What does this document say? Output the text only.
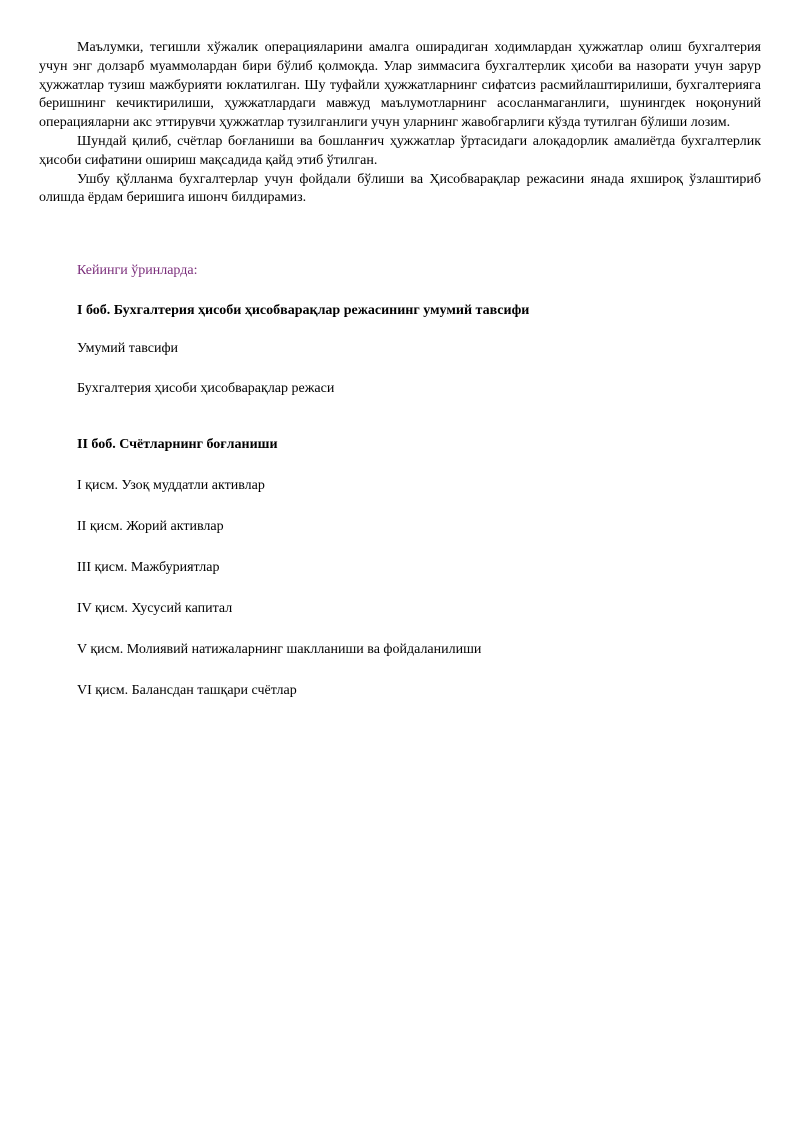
Маълумки, тегишли хўжалик операцияларини амалга оширадиган ходимлардан ҳужжатлар олиш бухгалтерия учун энг долзарб муаммолардан бири бўлиб қолмоқда. Улар зиммасига бухгалтерлик ҳисоби ва назорати учун зарур ҳужжатлар тузиш мажбурияти юклатилган. Шу туфайли ҳужжатларнинг сифатсиз расмийлаштирилиши, бухгалтерияга беришнинг кечиктирилиши, ҳужжатлардаги мавжуд маълумотларнинг асосланмаганлиги, шунингдек ноқонуний операцияларни акс эттирувчи ҳужжатлар тузилганлиги учун уларнинг жавобгарлиги кўзда тутилган бўлиши лозим.

Шундай қилиб, счётлар боғланиши ва бошланғич ҳужжатлар ўртасидаги алоқадорлик амалиётда бухгалтерлик ҳисоби сифатини ошириш мақсадида қайд этиб ўтилган.

Ушбу қўлланма бухгалтерлар учун фойдали бўлиши ва Ҳисобварақлар режасини янада яхшироқ ўзлаштириб олишда ёрдам беришига ишонч билдирамиз.

Кейинги ўринларда:
I боб. Бухгалтерия ҳисоби ҳисобварақлар режасининг умумий тавсифи
Умумий тавсифи
Бухгалтерия ҳисоби ҳисобварақлар режаси
II боб. Счётларнинг боғланиши
I қисм. Узоқ муддатли активлар
II қисм. Жорий активлар
III қисм. Мажбуриятлар
IV қисм. Хусусий капитал
V қисм. Молиявий натижаларнинг шаклланиши ва фойдаланилиши
VI қисм. Балансдан ташқари счётлар
